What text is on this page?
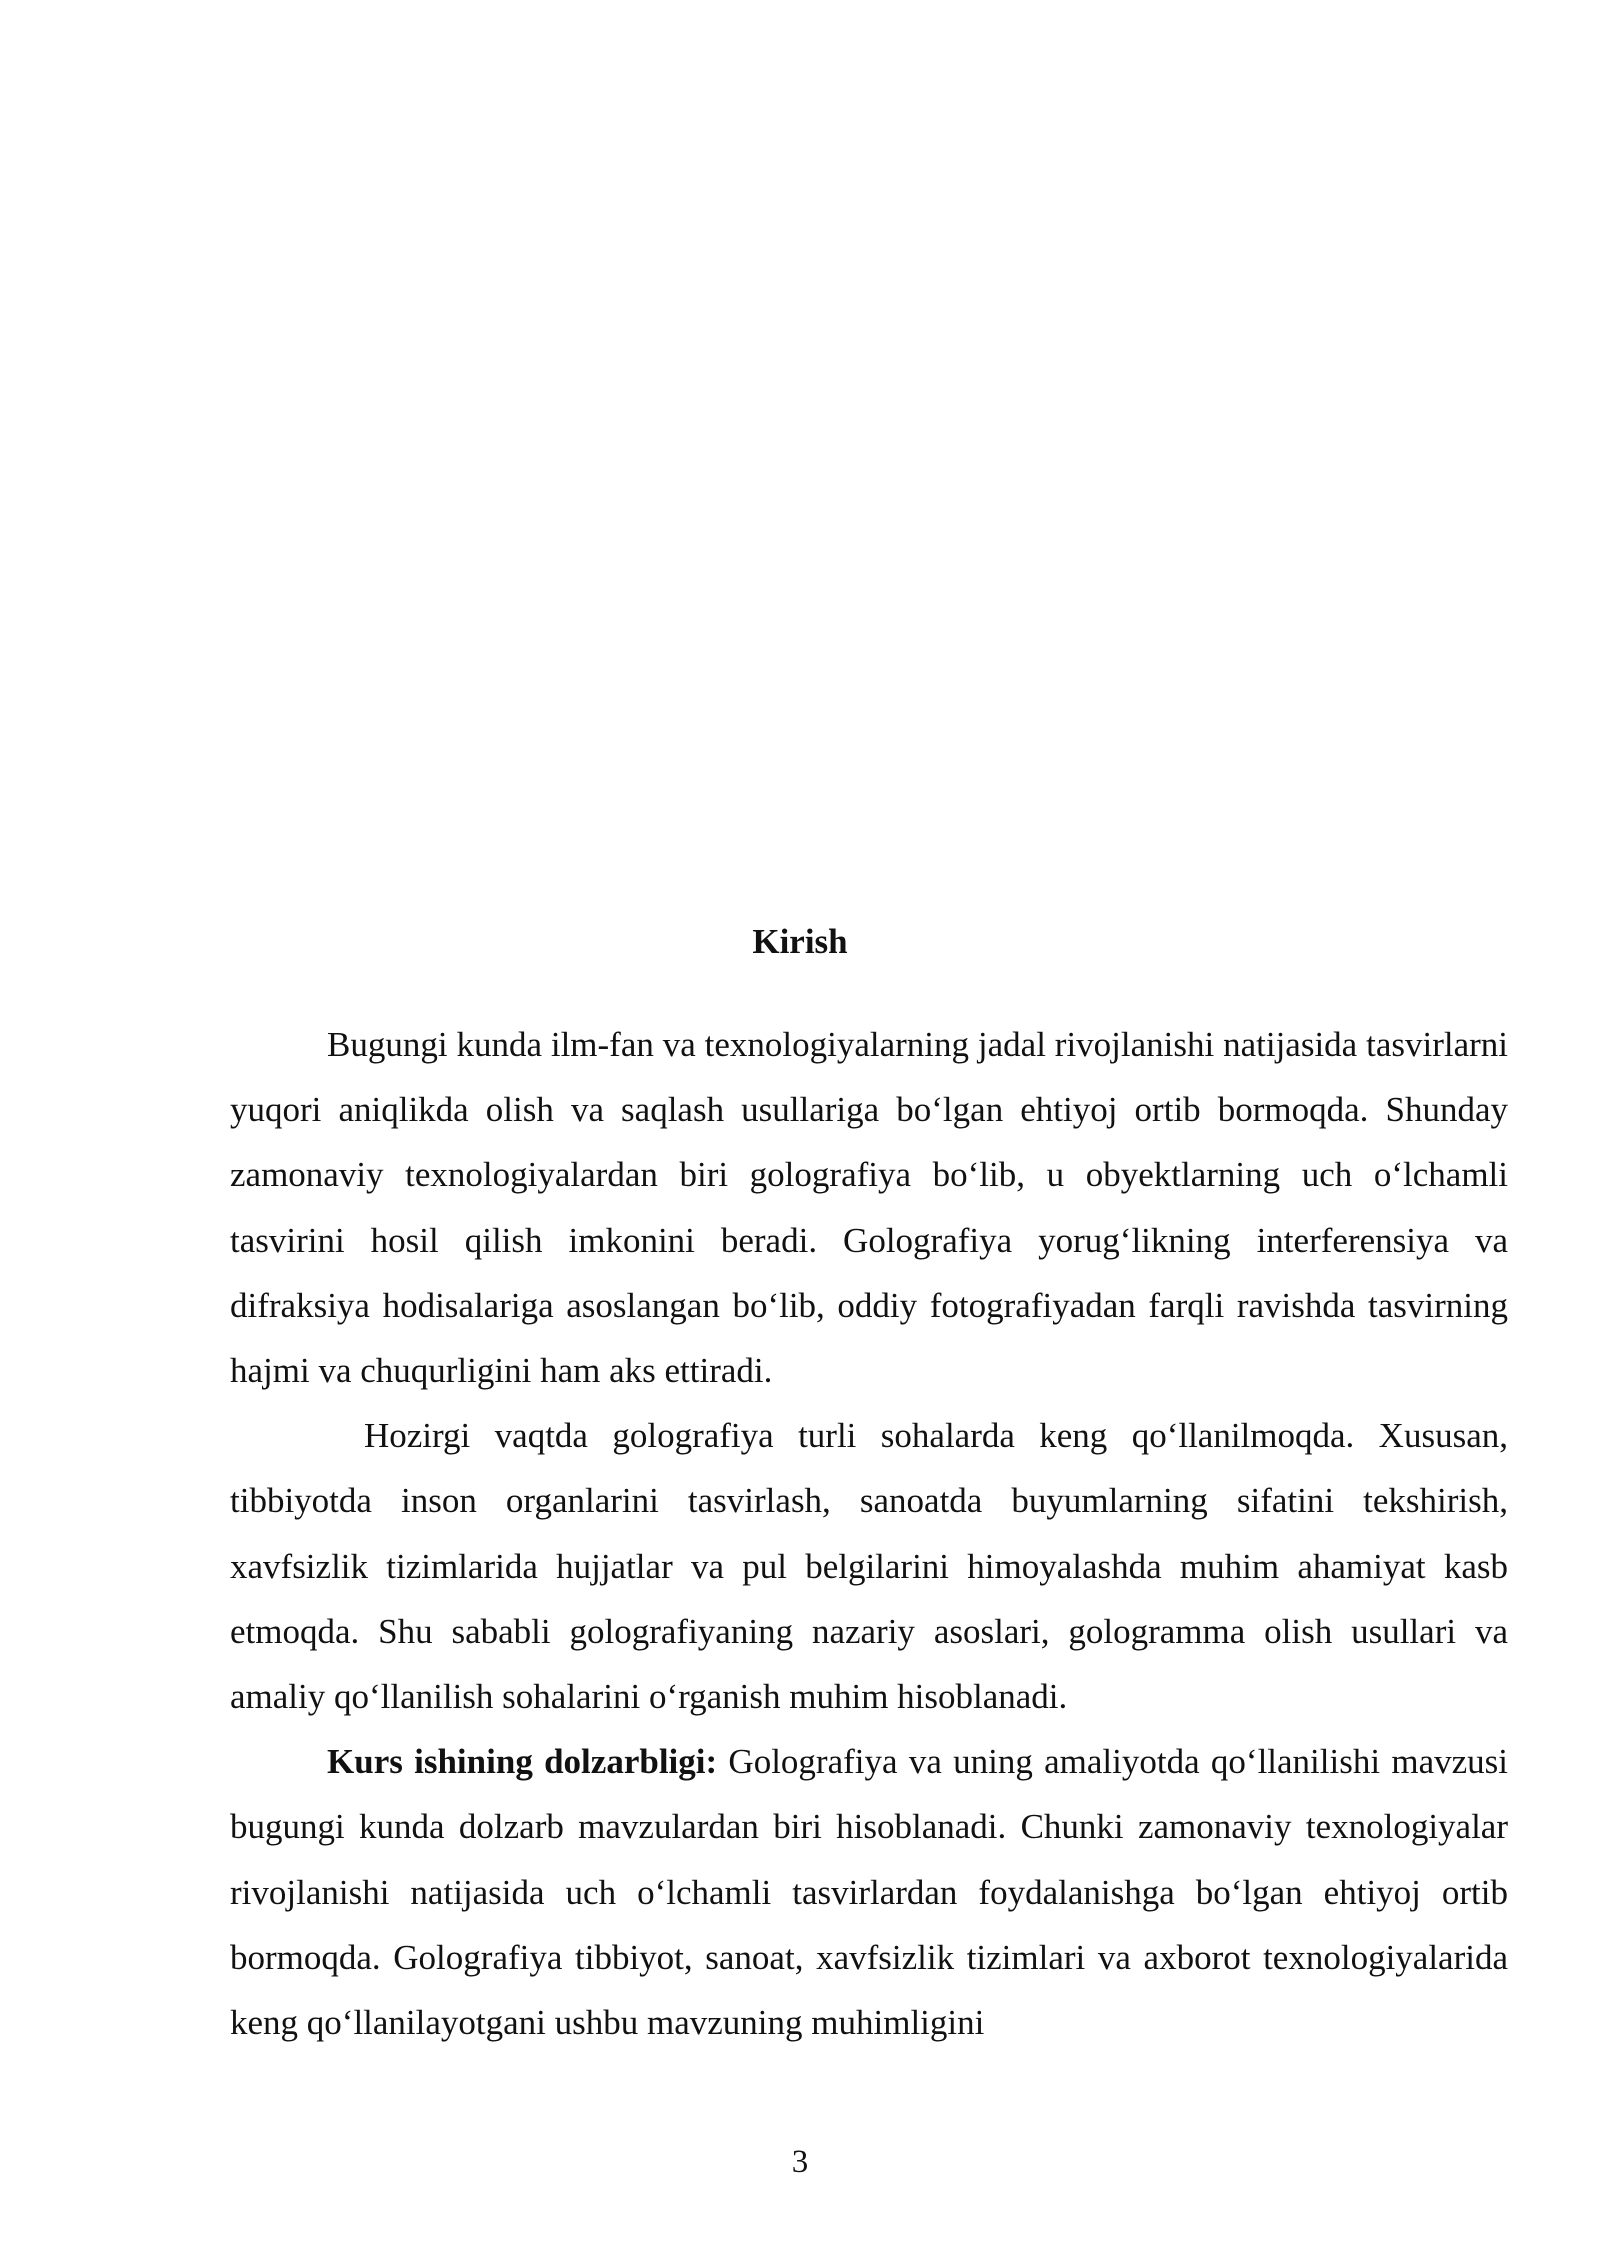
Kirish

Bugungi kunda ilm-fan va texnologiyalarning jadal rivojlanishi natijasida tasvirlarni yuqori aniqlikda olish va saqlash usullariga bo‘lgan ehtiyoj ortib bormoqda. Shunday zamonaviy texnologiyalardan biri golografiya bo‘lib, u obyektlarning uch o‘lchamli tasvirini hosil qilish imkonini beradi. Golografiya yorug‘likning interferensiya va difraksiya hodisalariga asoslangan bo‘lib, oddiy fotografiyadan farqli ravishda tasvirning hajmi va chuqurligini ham aks ettiradi.

Hozirgi vaqtda golografiya turli sohalarda keng qo‘llanilmoqda. Xususan, tibbiyotda inson organlarini tasvirlash, sanoatda buyumlarning sifatini tekshirish, xavfsizlik tizimlarida hujjatlar va pul belgilarini himoyalashda muhim ahamiyat kasb etmoqda. Shu sababli golografiyaning nazariy asoslari, gologramma olish usullari va amaliy qo‘llanilish sohalarini o‘rganish muhim hisoblanadi.

Kurs ishining dolzarbligi: Golografiya va uning amaliyotda qo‘llanilishi mavzusi bugungi kunda dolzarb mavzulardan biri hisoblanadi. Chunki zamonaviy texnologiyalar rivojlanishi natijasida uch o‘lchamli tasvirlardan foydalanishga bo‘lgan ehtiyoj ortib bormoqda. Golografiya tibbiyot, sanoat, xavfsizlik tizimlari va axborot texnologiyalarida keng qo‘llanilayotgani ushbu mavzuning muhimligini

3
